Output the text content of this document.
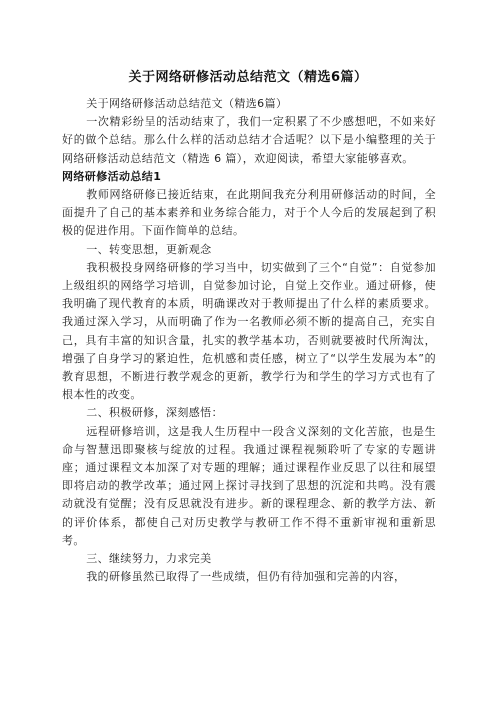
关于网络研修活动总结范文（精选6篇）

关于网络研修活动总结范文（精选6篇）

一次精彩纷呈的活动结束了，我们一定积累了不少感想吧，不如来好好的做个总结。那么什么样的活动总结才合适呢？以下是小编整理的关于网络研修活动总结范文（精选 6 篇），欢迎阅读，希望大家能够喜欢。

网络研修活动总结1

教师网络研修已接近结束，在此期间我充分利用研修活动的时间，全面提升了自己的基本素养和业务综合能力，对于个人今后的发展起到了积极的促进作用。下面作简单的总结。

一、转变思想，更新观念

我积极投身网络研修的学习当中，切实做到了三个“自觉”：自觉参加上级组织的网络学习培训，自觉参加讨论，自觉上交作业。通过研修，使我明确了现代教育的本质，明确课改对于教师提出了什么样的素质要求。我通过深入学习，从而明确了作为一名教师必须不断的提高自己，充实自己，具有丰富的知识含量，扎实的教学基本功，否则就要被时代所淘汰，增强了自身学习的紧迫性，危机感和责任感，树立了“以学生发展为本”的教育思想，不断进行教学观念的更新，教学行为和学生的学习方式也有了根本性的改变。

二、积极研修，深刻感悟：

远程研修培训，这是我人生历程中一段含义深刻的文化苦旅，也是生命与智慧迅即聚核与绽放的过程。我通过课程视频聆听了专家的专题讲座；通过课程文本加深了对专题的理解；通过课程作业反思了以往和展望即将启动的教学改革；通过网上探讨寻找到了思想的沉淀和共鸣。没有震动就没有觉醒；没有反思就没有进步。新的课程理念、新的教学方法、新的评价体系，都使自己对历史教学与教研工作不得不重新审视和重新思考。

三、继续努力，力求完美

我的研修虽然已取得了一些成绩，但仍有待加强和完善的内容，
